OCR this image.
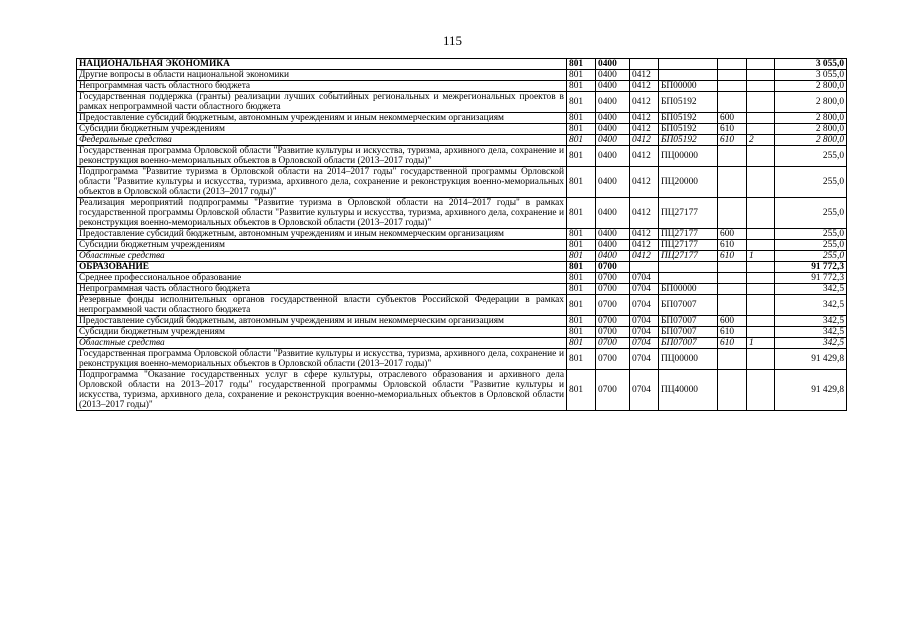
115
НАЦИОНАЛЬНАЯ ЭКОНОМИКА	801	0400					3 055,0
Другие вопросы в области национальной экономики	801	0400	0412				3 055,0
Непрограммная часть областного бюджета	801	0400	0412	БП00000			2 800,0
Государственная поддержка (гранты) реализации лучших событийных региональных и межрегиональных проектов в рамках непрограммной части областного бюджета	801	0400	0412	БП05192			2 800,0
Предоставление субсидий бюджетным, автономным учреждениям и иным некоммерческим организациям	801	0400	0412	БП05192	600		2 800,0
Субсидии бюджетным учреждениям	801	0400	0412	БП05192	610		2 800,0
Федеральные средства	801	0400	0412	БП05192	610	2	2 800,0
Государственная программа Орловской области "Развитие культуры и искусства, туризма, архивного дела, сохранение и реконструкция военно-мемориальных объектов в Орловской области (2013–2017 годы)"	801	0400	0412	ПЦ00000			255,0
Подпрограмма "Развитие туризма в Орловской области на 2014–2017 годы" государственной программы Орловской области "Развитие культуры и искусства, туризма, архивного дела, сохранение и реконструкция военно-мемориальных объектов в Орловской области (2013–2017 годы)"	801	0400	0412	ПЦ20000			255,0
Реализация мероприятий подпрограммы "Развитие туризма в Орловской области на 2014–2017 годы" в рамках государственной программы Орловской области "Развитие культуры и искусства, туризма, архивного дела, сохранение и реконструкция военно-мемориальных объектов в Орловской области (2013–2017 годы)"	801	0400	0412	ПЦ27177			255,0
Предоставление субсидий бюджетным, автономным учреждениям и иным некоммерческим организациям	801	0400	0412	ПЦ27177	600		255,0
Субсидии бюджетным учреждениям	801	0400	0412	ПЦ27177	610		255,0
Областные средства	801	0400	0412	ПЦ27177	610	1	255,0
ОБРАЗОВАНИЕ	801	0700					91 772,3
Среднее профессиональное образование	801	0700	0704				91 772,3
Непрограммная часть областного бюджета	801	0700	0704	БП00000			342,5
Резервные фонды исполнительных органов государственной власти субъектов Российской Федерации в рамках непрограммной части областного бюджета	801	0700	0704	БП07007			342,5
Предоставление субсидий бюджетным, автономным учреждениям и иным некоммерческим организациям	801	0700	0704	БП07007	600		342,5
Субсидии бюджетным учреждениям	801	0700	0704	БП07007	610		342,5
Областные средства	801	0700	0704	БП07007	610	1	342,5
Государственная программа Орловской области "Развитие культуры и искусства, туризма, архивного дела, сохранение и реконструкция военно-мемориальных объектов в Орловской области (2013–2017 годы)"	801	0700	0704	ПЦ00000			91 429,8
Подпрограмма "Оказание государственных услуг в сфере культуры, отраслевого образования и архивного дела Орловской области на 2013–2017 годы" государственной программы Орловской области "Развитие культуры и искусства, туризма, архивного дела, сохранение и реконструкция военно-мемориальных объектов в Орловской области (2013–2017 годы)"	801	0700	0704	ПЦ40000			91 429,8
